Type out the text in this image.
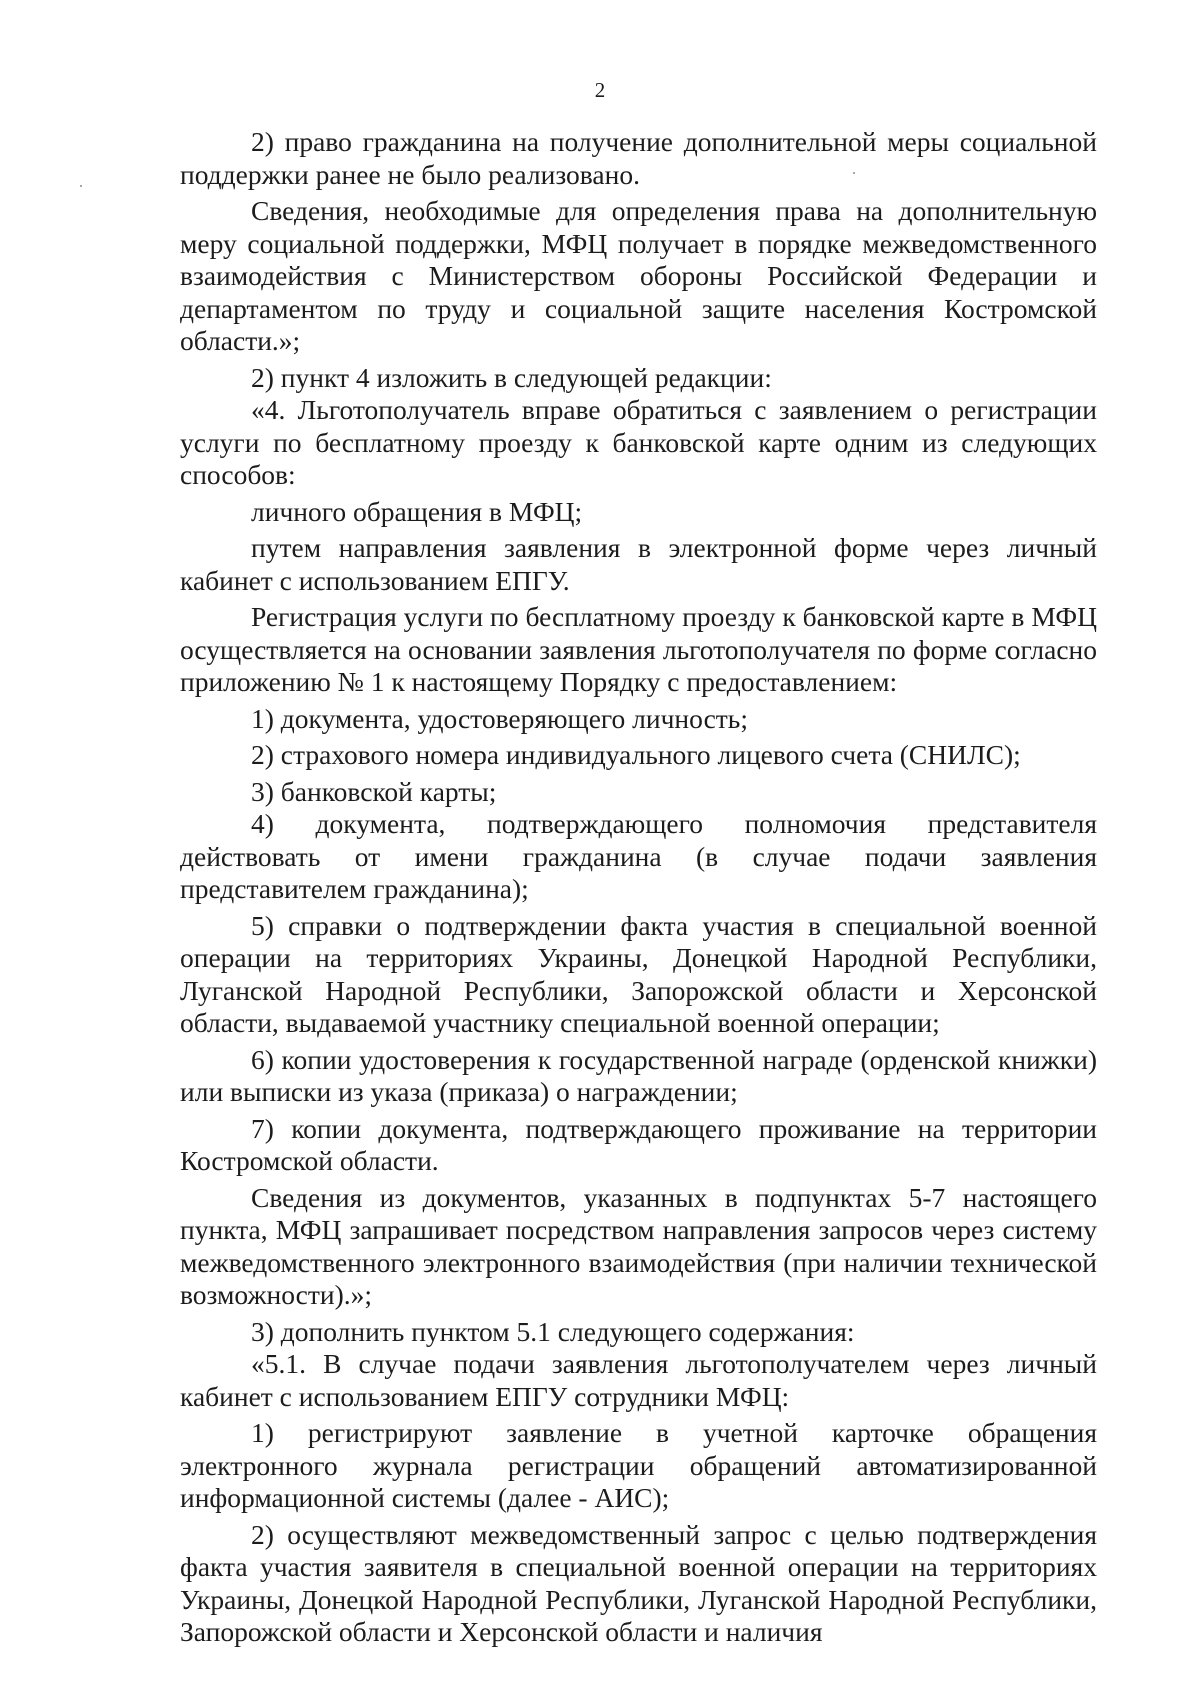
2

2) право гражданина на получение дополнительной меры социальной поддержки ранее не было реализовано.

Сведения, необходимые для определения права на дополнительную меру социальной поддержки, МФЦ получает в порядке межведомственного взаимодействия с Министерством обороны Российской Федерации и департаментом по труду и социальной защите населения Костромской области.»;

2) пункт 4 изложить в следующей редакции:

«4. Льготополучатель вправе обратиться с заявлением о регистрации услуги по бесплатному проезду к банковской карте одним из следующих способов:

личного обращения в МФЦ;

путем направления заявления в электронной форме через личный кабинет с использованием ЕПГУ.

Регистрация услуги по бесплатному проезду к банковской карте в МФЦ осуществляется на основании заявления льготополучателя по форме согласно приложению № 1 к настоящему Порядку с предоставлением:

1) документа, удостоверяющего личность;

2) страхового номера индивидуального лицевого счета (СНИЛС);

3) банковской карты;

4) документа, подтверждающего полномочия представителя действовать от имени гражданина (в случае подачи заявления представителем гражданина);

5) справки о подтверждении факта участия в специальной военной операции на территориях Украины, Донецкой Народной Республики, Луганской Народной Республики, Запорожской области и Херсонской области, выдаваемой участнику специальной военной операции;

6) копии удостоверения к государственной награде (орденской книжки) или выписки из указа (приказа) о награждении;

7) копии документа, подтверждающего проживание на территории Костромской области.

Сведения из документов, указанных в подпунктах 5-7 настоящего пункта, МФЦ запрашивает посредством направления запросов через систему межведомственного электронного взаимодействия (при наличии технической возможности).»;

3) дополнить пунктом 5.1 следующего содержания:

«5.1. В случае подачи заявления льготополучателем через личный кабинет с использованием ЕПГУ сотрудники МФЦ:

1) регистрируют заявление в учетной карточке обращения электронного журнала регистрации обращений автоматизированной информационной системы (далее - АИС);

2) осуществляют межведомственный запрос с целью подтверждения факта участия заявителя в специальной военной операции на территориях Украины, Донецкой Народной Республики, Луганской Народной Республики, Запорожской области и Херсонской области и наличия
